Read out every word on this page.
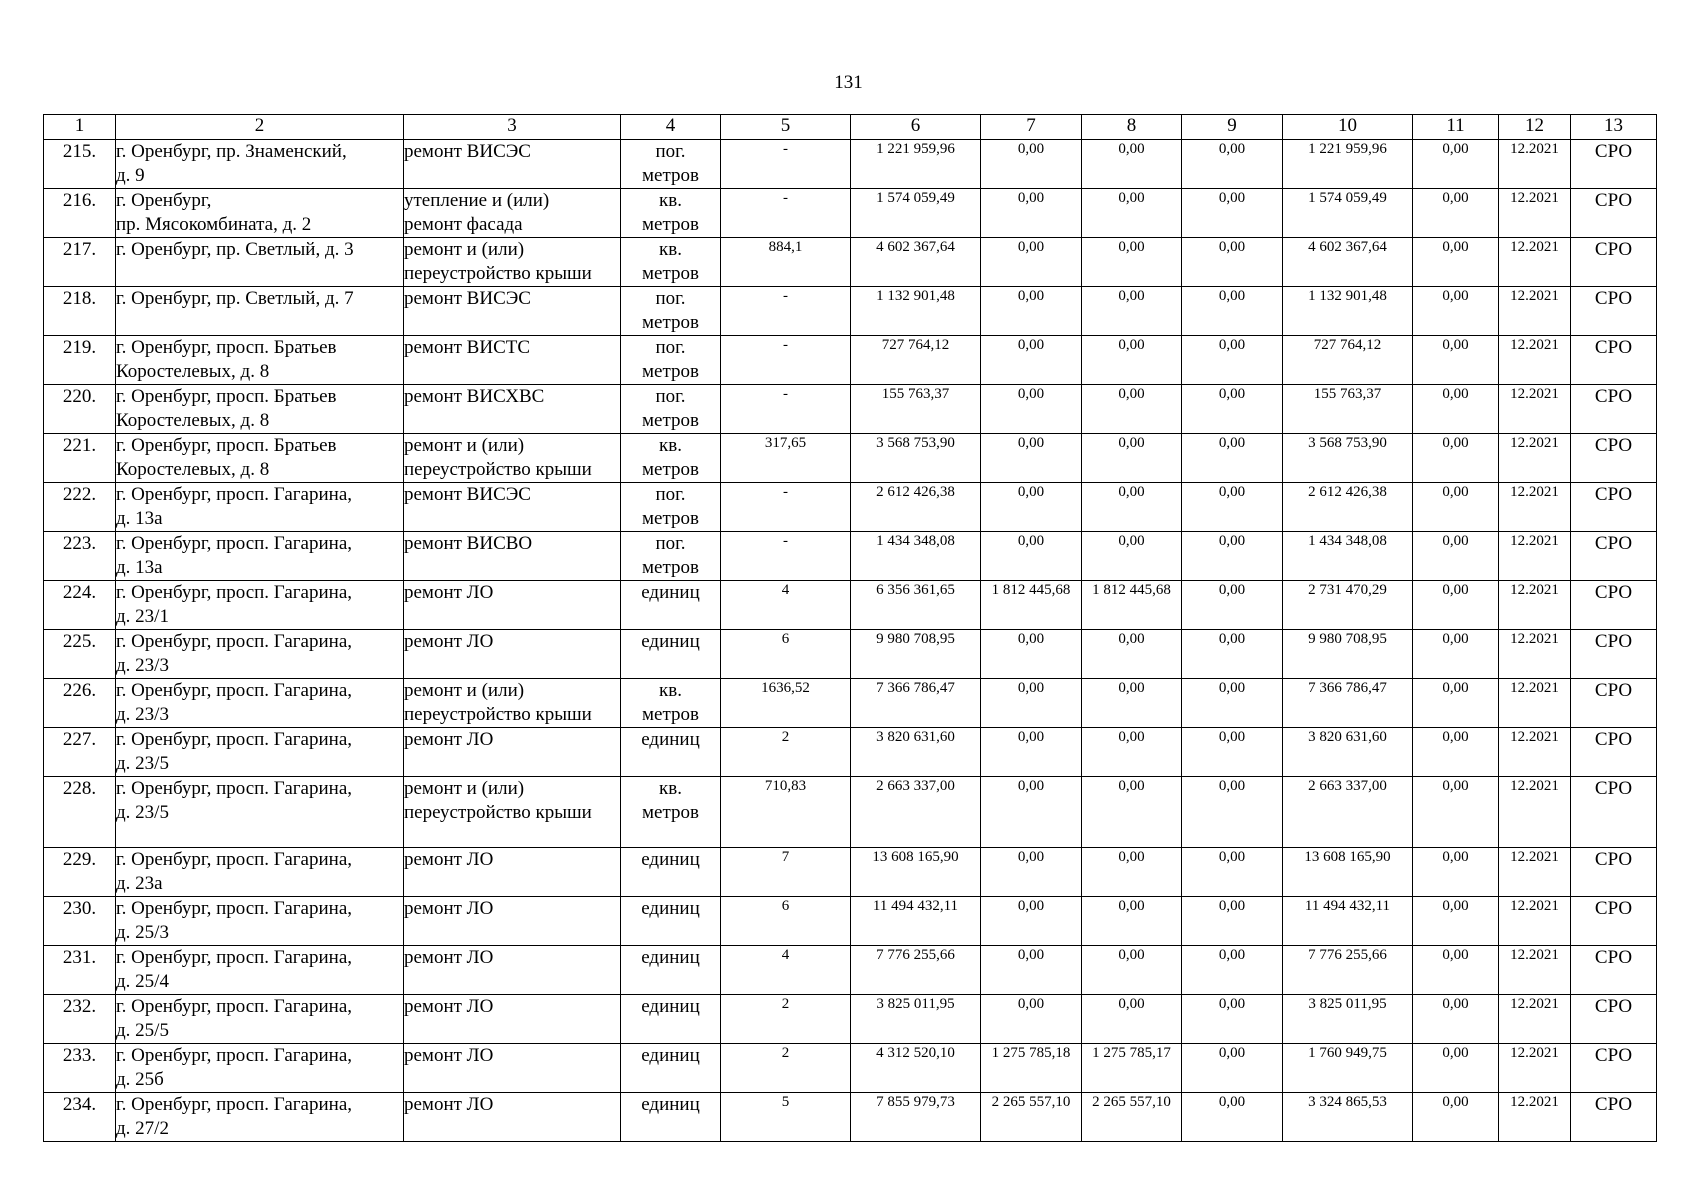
131
1	2	3	4	5	6	7	8	9	10	11	12	13
215.	г. Оренбург, пр. Знаменский,
д. 9	ремонт ВИСЭС	пог.
метров	-	1 221 959,96	0,00	0,00	0,00	1 221 959,96	0,00	12.2021	СРО
216.	г. Оренбург,
пр. Мясокомбината, д. 2	утепление и (или)
ремонт фасада	кв.
метров	-	1 574 059,49	0,00	0,00	0,00	1 574 059,49	0,00	12.2021	СРО
217.	г. Оренбург, пр. Светлый, д. 3	ремонт и (или)
переустройство крыши	кв.
метров	884,1	4 602 367,64	0,00	0,00	0,00	4 602 367,64	0,00	12.2021	СРО
218.	г. Оренбург, пр. Светлый, д. 7	ремонт ВИСЭС	пог.
метров	-	1 132 901,48	0,00	0,00	0,00	1 132 901,48	0,00	12.2021	СРО
219.	г. Оренбург, просп. Братьев
Коростелевых, д. 8	ремонт ВИСТС	пог.
метров	-	727 764,12	0,00	0,00	0,00	727 764,12	0,00	12.2021	СРО
220.	г. Оренбург, просп. Братьев
Коростелевых, д. 8	ремонт ВИСХВС	пог.
метров	-	155 763,37	0,00	0,00	0,00	155 763,37	0,00	12.2021	СРО
221.	г. Оренбург, просп. Братьев
Коростелевых, д. 8	ремонт и (или)
переустройство крыши	кв.
метров	317,65	3 568 753,90	0,00	0,00	0,00	3 568 753,90	0,00	12.2021	СРО
222.	г. Оренбург, просп. Гагарина,
д. 13а	ремонт ВИСЭС	пог.
метров	-	2 612 426,38	0,00	0,00	0,00	2 612 426,38	0,00	12.2021	СРО
223.	г. Оренбург, просп. Гагарина,
д. 13а	ремонт ВИСВО	пог.
метров	-	1 434 348,08	0,00	0,00	0,00	1 434 348,08	0,00	12.2021	СРО
224.	г. Оренбург, просп. Гагарина,
д. 23/1	ремонт ЛО	единиц	4	6 356 361,65	1 812 445,68	1 812 445,68	0,00	2 731 470,29	0,00	12.2021	СРО
225.	г. Оренбург, просп. Гагарина,
д. 23/3	ремонт ЛО	единиц	6	9 980 708,95	0,00	0,00	0,00	9 980 708,95	0,00	12.2021	СРО
226.	г. Оренбург, просп. Гагарина,
д. 23/3	ремонт и (или)
переустройство крыши	кв.
метров	1636,52	7 366 786,47	0,00	0,00	0,00	7 366 786,47	0,00	12.2021	СРО
227.	г. Оренбург, просп. Гагарина,
д. 23/5	ремонт ЛО	единиц	2	3 820 631,60	0,00	0,00	0,00	3 820 631,60	0,00	12.2021	СРО
228.	г. Оренбург, просп. Гагарина,
д. 23/5	ремонт и (или)
переустройство крыши	кв.
метров	710,83	2 663 337,00	0,00	0,00	0,00	2 663 337,00	0,00	12.2021	СРО
229.	г. Оренбург, просп. Гагарина,
д. 23а	ремонт ЛО	единиц	7	13 608 165,90	0,00	0,00	0,00	13 608 165,90	0,00	12.2021	СРО
230.	г. Оренбург, просп. Гагарина,
д. 25/3	ремонт ЛО	единиц	6	11 494 432,11	0,00	0,00	0,00	11 494 432,11	0,00	12.2021	СРО
231.	г. Оренбург, просп. Гагарина,
д. 25/4	ремонт ЛО	единиц	4	7 776 255,66	0,00	0,00	0,00	7 776 255,66	0,00	12.2021	СРО
232.	г. Оренбург, просп. Гагарина,
д. 25/5	ремонт ЛО	единиц	2	3 825 011,95	0,00	0,00	0,00	3 825 011,95	0,00	12.2021	СРО
233.	г. Оренбург, просп. Гагарина,
д. 25б	ремонт ЛО	единиц	2	4 312 520,10	1 275 785,18	1 275 785,17	0,00	1 760 949,75	0,00	12.2021	СРО
234.	г. Оренбург, просп. Гагарина,
д. 27/2	ремонт ЛО	единиц	5	7 855 979,73	2 265 557,10	2 265 557,10	0,00	3 324 865,53	0,00	12.2021	СРО
